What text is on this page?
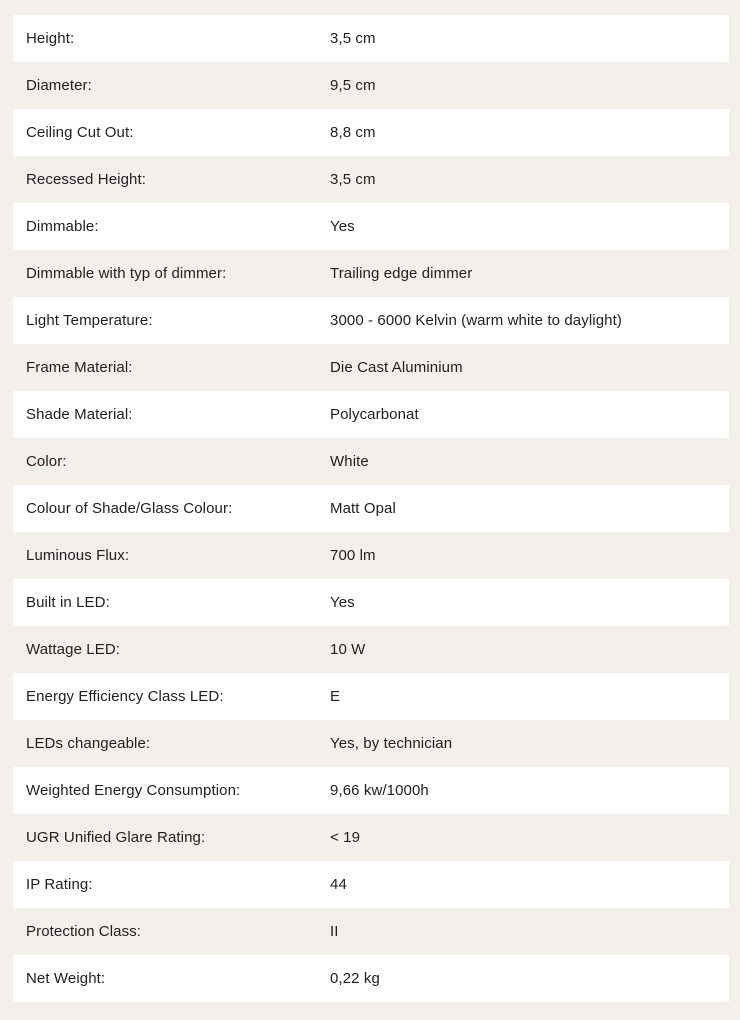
Height:	3,5 cm
Diameter:	9,5 cm
Ceiling Cut Out:	8,8 cm
Recessed Height:	3,5 cm
Dimmable:	Yes
Dimmable with typ of dimmer:	Trailing edge dimmer
Light Temperature:	3000 - 6000 Kelvin (warm white to daylight)
Frame Material:	Die Cast Aluminium
Shade Material:	Polycarbonat
Color:	White
Colour of Shade/Glass Colour:	Matt Opal
Luminous Flux:	700 lm
Built in LED:	Yes
Wattage LED:	10 W
Energy Efficiency Class LED:	E
LEDs changeable:	Yes, by technician
Weighted Energy Consumption:	9,66 kw/1000h
UGR Unified Glare Rating:	< 19
IP Rating:	44
Protection Class:	II
Net Weight:	0,22 kg
